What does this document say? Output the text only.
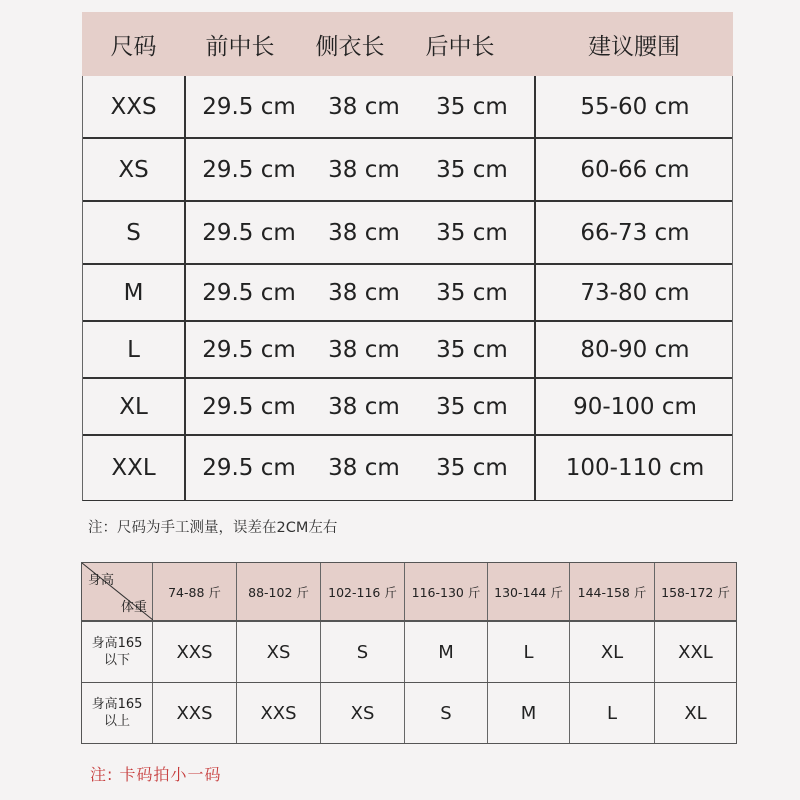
尺码	前中长	侧衣长	后中长	建议腰围
XXS	29.5 cm	38 cm	35 cm	55-60 cm
XS	29.5 cm	38 cm	35 cm	60-66 cm
S	29.5 cm	38 cm	35 cm	66-73 cm
M	29.5 cm	38 cm	35 cm	73-80 cm
L	29.5 cm	38 cm	35 cm	80-90 cm
XL	29.5 cm	38 cm	35 cm	90-100 cm
XXL	29.5 cm	38 cm	35 cm	100-110 cm
注：尺码为手工测量，误差在2CM左右
身高
体重
74-88 斤	88-102 斤	102-116 斤	116-130 斤	130-144 斤	144-158 斤	158-172 斤
身高165
以下	XXS	XS	S	M	L	XL	XXL
身高165
以上	XXS	XXS	XS	S	M	L	XL
注: 卡码拍小一码
